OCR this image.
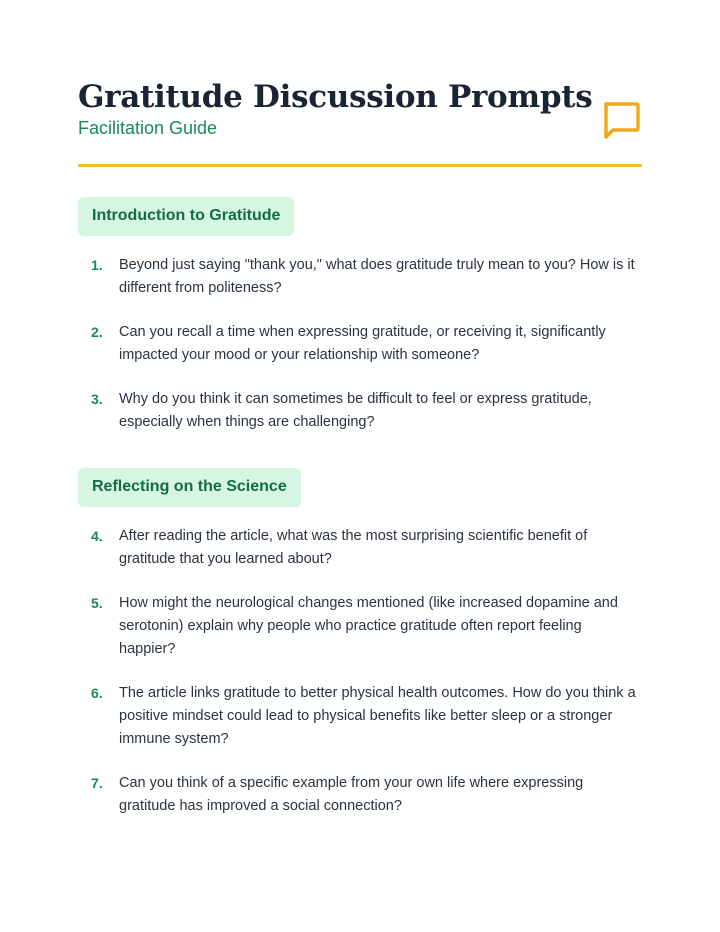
Gratitude Discussion Prompts
Facilitation Guide
Introduction to Gratitude
1.	Beyond just saying "thank you," what does gratitude truly mean to you? How is it different from politeness?
2.	Can you recall a time when expressing gratitude, or receiving it, significantly impacted your mood or your relationship with someone?
3.	Why do you think it can sometimes be difficult to feel or express gratitude, especially when things are challenging?
Reflecting on the Science
4.	After reading the article, what was the most surprising scientific benefit of gratitude that you learned about?
5.	How might the neurological changes mentioned (like increased dopamine and serotonin) explain why people who practice gratitude often report feeling happier?
6.	The article links gratitude to better physical health outcomes. How do you think a positive mindset could lead to physical benefits like better sleep or a stronger immune system?
7.	Can you think of a specific example from your own life where expressing gratitude has improved a social connection?
